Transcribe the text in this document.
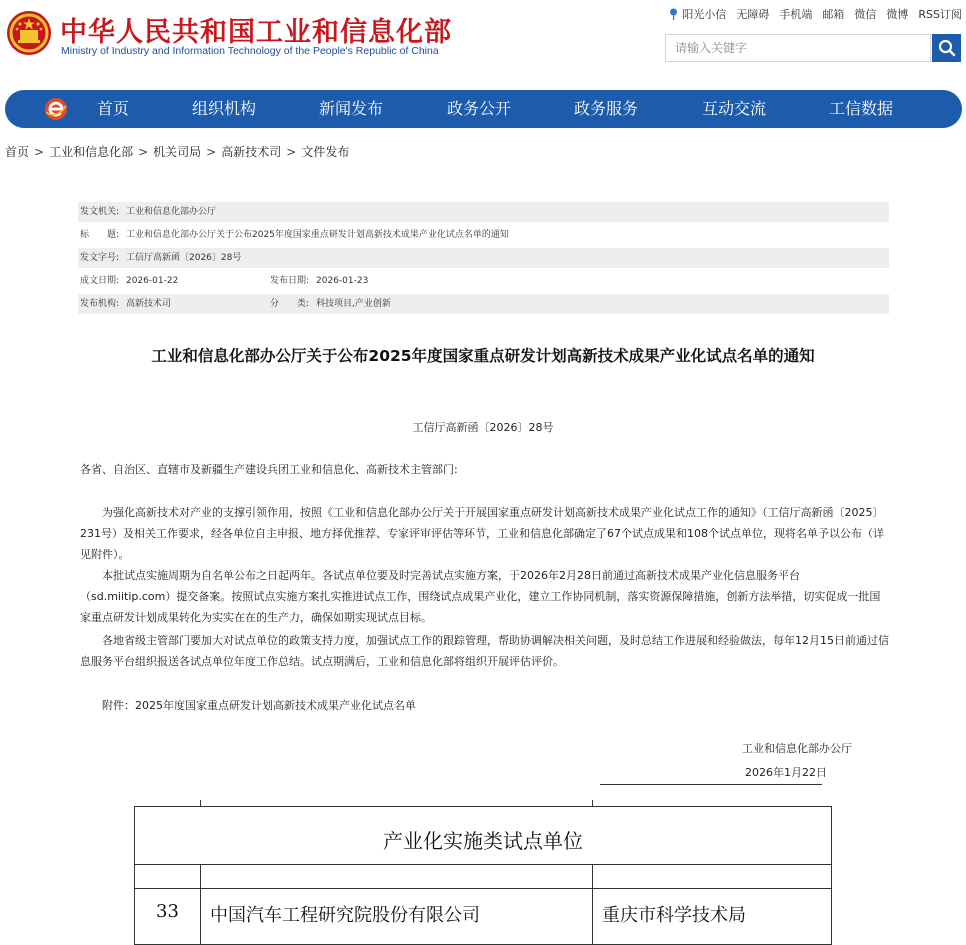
中华人民共和国工业和信息化部
Ministry of Industry and Information Technology of the People's Republic of China
阳光小信 无障碍 手机端 邮箱 微信 微博 RSS订阅
请输入关键字
首页	组织机构	新闻发布	政务公开	政务服务	互动交流	工信数据
首页 > 工业和信息化部 > 机关司局 > 高新技术司 > 文件发布
发文机关: 工业和信息化部办公厅
标　　题: 工业和信息化部办公厅关于公布2025年度国家重点研发计划高新技术成果产业化试点名单的通知
发文字号: 工信厅高新函〔2026〕28号
成文日期: 2026-01-22	发布日期: 2026-01-23
发布机构: 高新技术司	分　　类: 科技项目,产业创新
工业和信息化部办公厅关于公布2025年度国家重点研发计划高新技术成果产业化试点名单的通知
工信厅高新函〔2026〕28号
各省、自治区、直辖市及新疆生产建设兵团工业和信息化、高新技术主管部门:
为强化高新技术对产业的支撑引领作用，按照《工业和信息化部办公厅关于开展国家重点研发计划高新技术成果产业化试点工作的通知》（工信厅高新函〔2025〕231号）及相关工作要求，经各单位自主申报、地方择优推荐、专家评审评估等环节，工业和信息化部确定了67个试点成果和108个试点单位，现将名单予以公布（详见附件）。
本批试点实施周期为自名单公布之日起两年。各试点单位要及时完善试点实施方案，于2026年2月28日前通过高新技术成果产业化信息服务平台（sd.miitip.com）提交备案。按照试点实施方案扎实推进试点工作，围绕试点成果产业化，建立工作协同机制，落实资源保障措施，创新方法举措，切实促成一批国家重点研发计划成果转化为实实在在的生产力，确保如期实现试点目标。
各地省级主管部门要加大对试点单位的政策支持力度，加强试点工作的跟踪管理，帮助协调解决相关问题，及时总结工作进展和经验做法，每年12月15日前通过信息服务平台组织报送各试点单位年度工作总结。试点期满后，工业和信息化部将组织开展评估评价。
附件：2025年度国家重点研发计划高新技术成果产业化试点名单
工业和信息化部办公厅
2026年1月22日
产业化实施类试点单位
33 中国汽车工程研究院股份有限公司	重庆市科学技术局
